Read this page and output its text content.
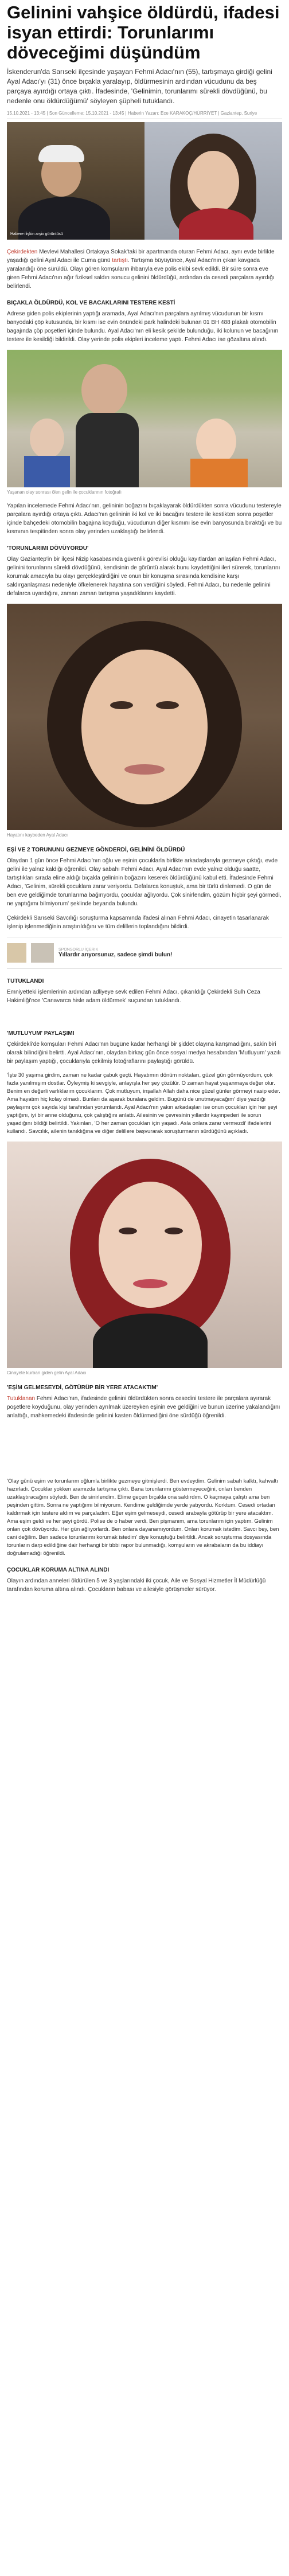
Gelinini vahşice öldürdü, ifadesi isyan ettirdi: Torunlarımı döveceğimi düşündüm

İskenderun'da Sarıseki ilçesinde yaşayan Fehmi Adacı'nın (55), tartışmaya girdiği gelini Ayal Adacı'yı (31) önce bıçakla yaralayıp, öldürmesinin ardından vücudunu da beş parçaya ayırdığı ortaya çıktı. İfadesinde, 'Gelinimin, torunlarımı sürekli dövdüğünü, bu nedenle onu öldürdüğümü' söyleyen şüpheli tutuklandı.

15.10.2021 - 13:45 | Son Güncelleme: 15.10.2021 - 13:45 | Haberin Yazarı: Ece KARAKOÇ/HÜRRİYET | Gaziantep, Suriye
Habere ilişkin arşiv görüntüsü

Çekirdekten Mevlevi Mahallesi Ortakaya Sokak'taki bir apartmanda oturan Fehmi Adacı, aynı evde birlikte yaşadığı gelini Ayal Adacı ile Cuma günü tartıştı. Tartışma büyüyünce, Ayal Adacı'nın çıkan kavgada yaralandığı öne sürüldü. Olayı gören komşuların ihbarıyla eve polis ekibi sevk edildi. Bir süre sonra eve giren Fehmi Adacı'nın ağır fiziksel saldırı sonucu gelinini öldürdüğü, ardından da cesedi parçalara ayırdığı belirlendi.

BIÇAKLA ÖLDÜRDÜ, KOL VE BACAKLARINI TESTERE KESTİ

Adrese giden polis ekiplerinin yaptığı aramada, Ayal Adacı'nın parçalara ayrılmış vücudunun bir kısmı banyodaki çöp kutusunda, bir kısmı ise evin önündeki park halindeki bulunan 01 BH 488 plakalı otomobilin bagajında çöp poşetleri içinde bulundu. Ayal Adacı'nın eli kesik şekilde bulunduğu, iki kolunun ve bacağının testere ile kesildiği bildirildi. Olay yerinde polis ekipleri inceleme yaptı. Fehmi Adacı ise gözaltına alındı.

Yaşanan olay sonrası ölen gelin ile çocuklarının fotoğrafı

Yapılan incelemede Fehmi Adacı'nın, gelininin boğazını bıçaklayarak öldürdükten sonra vücudunu testereyle parçalara ayırdığı ortaya çıktı. Adacı'nın gelininin iki kol ve iki bacağını testere ile kestikten sonra poşetler içinde bahçedeki otomobilin bagajına koyduğu, vücudunun diğer kısmını ise evin banyosunda bıraktığı ve bu kısmının tespitinden sonra olay yerinden uzaklaştığı belirlendi.

'TORUNLARIMI DÖVÜYORDU'

Olay Gaziantep'in bir ilçesi Nizip kasabasında güvenlik görevlisi olduğu kayıtlardan anlaşılan Fehmi Adacı, gelinini torunlarını sürekli dövdüğünü, kendisinin de görüntü alarak bunu kaydettiğini ileri sürerek, torunlarını korumak amacıyla bu olayı gerçekleştirdiğini ve onun bir konuşma sırasında kendisine karşı saldırganlaşması nedeniyle öfkelenerek hayatına son verdiğini söyledi. Fehmi Adacı, bu nedenle gelinini defalarca uyardığını, zaman zaman tartışma yaşadıklarını kaydetti.

Hayatını kaybeden Ayal Adacı
EŞİ VE 2 TORUNUNU GEZMEYE GÖNDERDİ, GELİNİNİ ÖLDÜRDÜ

Olaydan 1 gün önce Fehmi Adacı'nın oğlu ve eşinin çocuklarla birlikte arkadaşlarıyla gezmeye çıktığı, evde gelini ile yalnız kaldığı öğrenildi. Olay sabahı Fehmi Adacı, Ayal Adacı'nın evde yalnız olduğu saatte, tartıştıkları sırada eline aldığı bıçakla gelininin boğazını keserek öldürdüğünü kabul etti. İfadesinde Fehmi Adacı, 'Gelinim, sürekli çocuklara zarar veriyordu. Defalarca konuştuk, ama bir türlü dinlemedi. O gün de ben eve geldiğimde torunlarıma bağırıyordu, çocuklar ağlıyordu. Çok sinirlendim, gözüm hiçbir şeyi görmedi, ne yaptığımı bilmiyorum' şeklinde beyanda bulundu.

Çekirdekli Sarıseki Savcılığı soruşturma kapsamında ifadesi alınan Fehmi Adacı, cinayetin tasarlanarak işlenip işlenmediğinin araştırıldığını ve tüm delillerin toplandığını bildirdi.

SPONSORLU İÇERIK
Yıllardır arıyorsunuz, sadece şimdi bulun!
TUTUKLANDI

Emniyetteki işlemlerinin ardından adliyeye sevk edilen Fehmi Adacı, çıkarıldığı Çekirdekli Sulh Ceza Hakimliği'nce 'Canavarca hisle adam öldürmek' suçundan tutuklandı.

'MUTLUYUM' PAYLAŞIMI

Çekirdekli'de komşuları Fehmi Adacı'nın bugüne kadar herhangi bir şiddet olayına karışmadığını, sakin biri olarak bilindiğini belirtti. Ayal Adacı'nın, olaydan birkaç gün önce sosyal medya hesabından 'Mutluyum' yazılı bir paylaşım yaptığı, çocuklarıyla çekilmiş fotoğraflarını paylaştığı görüldü.

'İşte 30 yaşıma girdim, zaman ne kadar çabuk geçti. Hayatımın dönüm noktaları, güzel gün görmüyordum, çok fazla yanılmışım dostlar. Öyleymiş ki sevgiyle, anlayışla her şey çözülür. O zaman hayat yaşanmaya değer olur. Benim en değerli varlıklarım çocuklarım. Çok mutluyum, inşallah Allah daha nice güzel günler görmeyi nasip eder. Ama hayatım hiç kolay olmadı. Bunları da aşarak buralara geldim. Bugünü de unutmayacağım' diye yazdığı paylaşımı çok sayıda kişi tarafından yorumlandı. Ayal Adacı'nın yakın arkadaşları ise onun çocukları için her şeyi yaptığını, iyi bir anne olduğunu, çok çalıştığını anlattı. Ailesinin ve çevresinin yıllardır kayınpederi ile sorun yaşadığını bildiği belirtildi. Yakınları, 'O her zaman çocukları için yaşadı. Asla onlara zarar vermezdi' ifadelerini kullandı. Savcılık, ailenin tanıklığına ve diğer delillere başvurarak soruşturmanın sürdüğünü açıkladı.

Cinayete kurban giden gelin Ayal Adacı
'EŞİM GELMESEYDİ, GÖTÜRÜP BİR YERE ATACAKTIM'

Tutuklanan Fehmi Adacı'nın, ifadesinde gelinini öldürdükten sonra cesedini testere ile parçalara ayırarak poşetlere koyduğunu, olay yerinden ayrılmak üzereyken eşinin eve geldiğini ve bunun üzerine yakalandığını anlattığı, mahkemedeki ifadesinde gelinini kasten öldürmediğini öne sürdüğü öğrenildi.

'Olay günü eşim ve torunlarım oğlumla birlikte gezmeye gitmişlerdi. Ben evdeydim. Gelinim sabah kalktı, kahvaltı hazırladı. Çocuklar yokken aramızda tartışma çıktı. Bana torunlarımı göstermeyeceğini, onları benden uzaklaştıracağını söyledi. Ben de sinirlendim. Elime geçen bıçakla ona saldırdım. O kaçmaya çalıştı ama ben peşinden gittim. Sonra ne yaptığımı bilmiyorum. Kendime geldiğimde yerde yatıyordu. Korktum. Cesedi ortadan kaldırmak için testere aldım ve parçaladım. Eğer eşim gelmeseydi, cesedi arabayla götürüp bir yere atacaktım. Ama eşim geldi ve her şeyi gördü. Polise de o haber verdi. Ben pişmanım, ama torunlarım için yaptım. Gelinim onları çok dövüyordu. Her gün ağlıyorlardı. Ben onlara dayanamıyordum. Onları korumak istedim. Savcı bey, ben cani değilim. Ben sadece torunlarımı korumak istedim' diye konuştuğu belirtildi. Ancak soruşturma dosyasında torunların darp edildiğine dair herhangi bir tıbbi rapor bulunmadığı, komşuların ve akrabaların da bu iddiayı doğrulamadığı öğrenildi.

ÇOCUKLAR KORUMA ALTINA ALINDI

Olayın ardından anneleri öldürülen 5 ve 3 yaşlarındaki iki çocuk, Aile ve Sosyal Hizmetler İl Müdürlüğü tarafından koruma altına alındı. Çocukların babası ve ailesiyle görüşmeler sürüyor.
